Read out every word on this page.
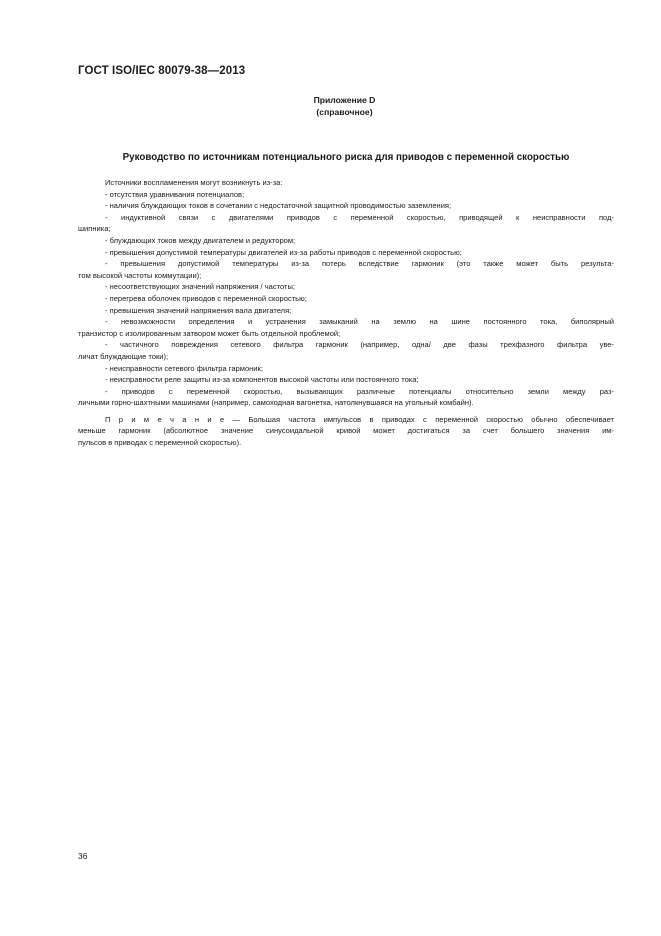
ГОСТ ISO/IEC 80079-38—2013
Приложение D
(справочное)
Руководство по источникам потенциального риска для приводов с переменной скоростью
Источники воспламенения могут возникнуть из-за:
- отсутствия уравнивания потенциалов;
- наличия блуждающих токов в сочетании с недостаточной защитной проводимостью заземления;
- индуктивной связи с двигателями приводов с переменной скоростью, приводящей к неисправности под-
шипника;
- блуждающих токов между двигателем и редуктором;
- превышения допустимой температуры двигателей из-за работы приводов с переменной скоростью;
- превышения допустимой температуры из-за потерь вследствие гармоник (это также может быть результа-
том высокой частоты коммутации);
- несоответствующих значений напряжения / частоты;
- перегрева оболочек приводов с переменной скоростью;
- превышения значений напряжения вала двигателя;
- невозможности определения и устранения замыканий на землю на шине постоянного тока, биполярный
транзистор с изолированным затвором может быть отдельной проблемой;
- частичного повреждения сетевого фильтра гармоник (например, одна/ две фазы трехфазного фильтра уве-
личат блуждающие токи);
- неисправности сетевого фильтра гармоник;
- неисправности реле защиты из-за компонентов высокой частоты или постоянного тока;
- приводов с переменной скоростью, вызывающих различные потенциалы относительно земли между раз-
личными горно-шахтными машинами (например, самоходная вагонетка, натолкнувшаяся на угольный комбайн).
П р и м е ч а н и е — Большая частота импульсов в приводах с переменной скоростью обычно обеспечивает
меньше гармоник (абсолютное значение синусоидальной кривой может достигаться за счет большего значения им-
пульсов в приводах с переменной скоростью).
36
